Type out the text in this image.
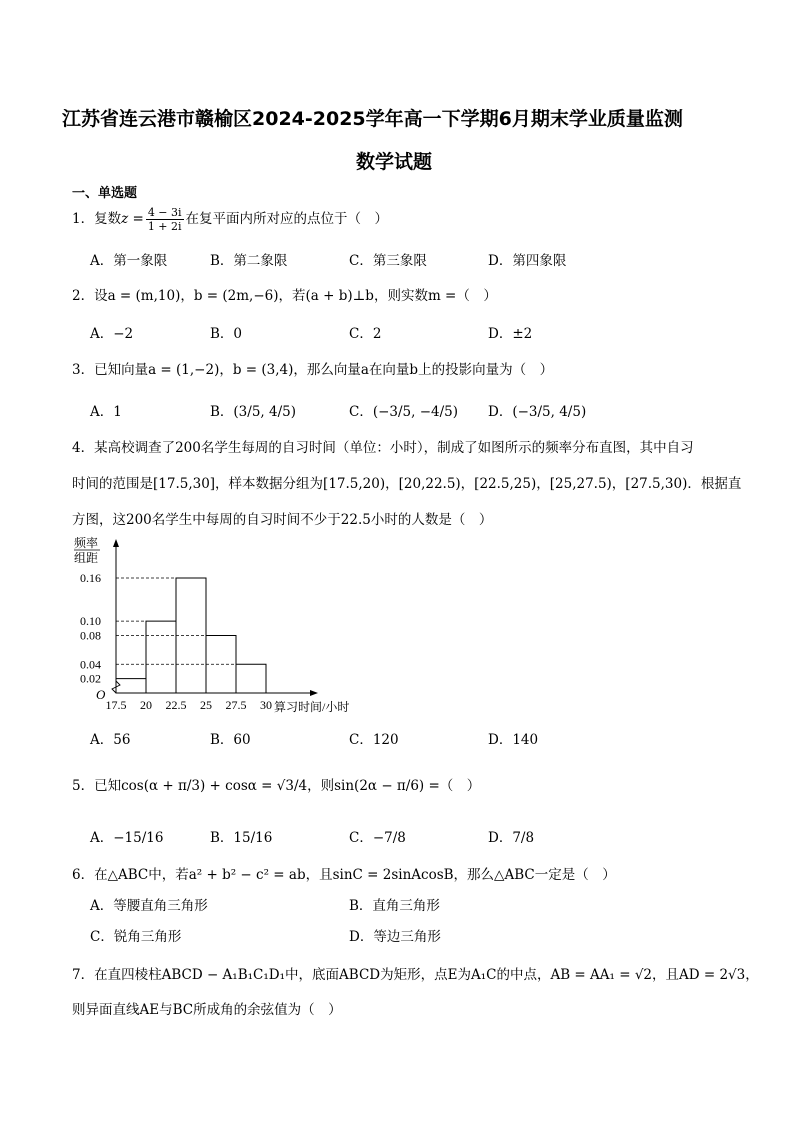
江苏省连云港市赣榆区2024-2025学年高一下学期6月期末学业质量监测
数学试题
一、单选题
1．复数$z = \frac{4 - 3i}{1 + 2i}$ 在复平面内所对应的点位于（　）
A．第一象限	B．第二象限	C．第三象限	D．第四象限
2．设a = (m,10)，b = (2m,−6)，若(a + b)⊥b，则实数m =（　）
A．−2	B．0	C．2	D．±2
3．已知向量a = (1,−2)，b = (3,4)，那么向量a在向量b上的投影向量为（　）
A．1	B．(3/5, 4/5)	C．(−3/5, −4/5) D．(−3/5, 4/5)
4．某高校调查了200名学生每周的自习时间（单位：小时），制成了如图所示的频率分布直图，其中自习
时间的范围是[17.5,30]，样本数据分组为[17.5,20)，[20,22.5)，[22.5,25)，[25,27.5)，[27.5,30)．根据直
方图，这200名学生中每周的自习时间不少于22.5小时的人数是（　）
频率
组距
0.16
0.10
0.08
0.04
0.02
17.5 20 22.5 25 27.5 30
O
算习时间/小时
A．56	B．60	C．120	D．140
5．已知cos(α + π/3) + cosα = √3/4，则sin(2α − π/6) =（　）
A．−15/16	B．15/16	C．−7/8	D．7/8
6．在△ABC中，若a² + b² − c² = ab，且sinC = 2sinAcosB，那么△ABC一定是（　）
A．等腰直角三角形	B．直角三角形
C．锐角三角形	D．等边三角形
7．在直四棱柱ABCD − A₁B₁C₁D₁中，底面ABCD为矩形，点E为A₁C的中点，AB = AA₁ = √2，且AD = 2√3，
则异面直线AE与BC所成角的余弦值为（　）
